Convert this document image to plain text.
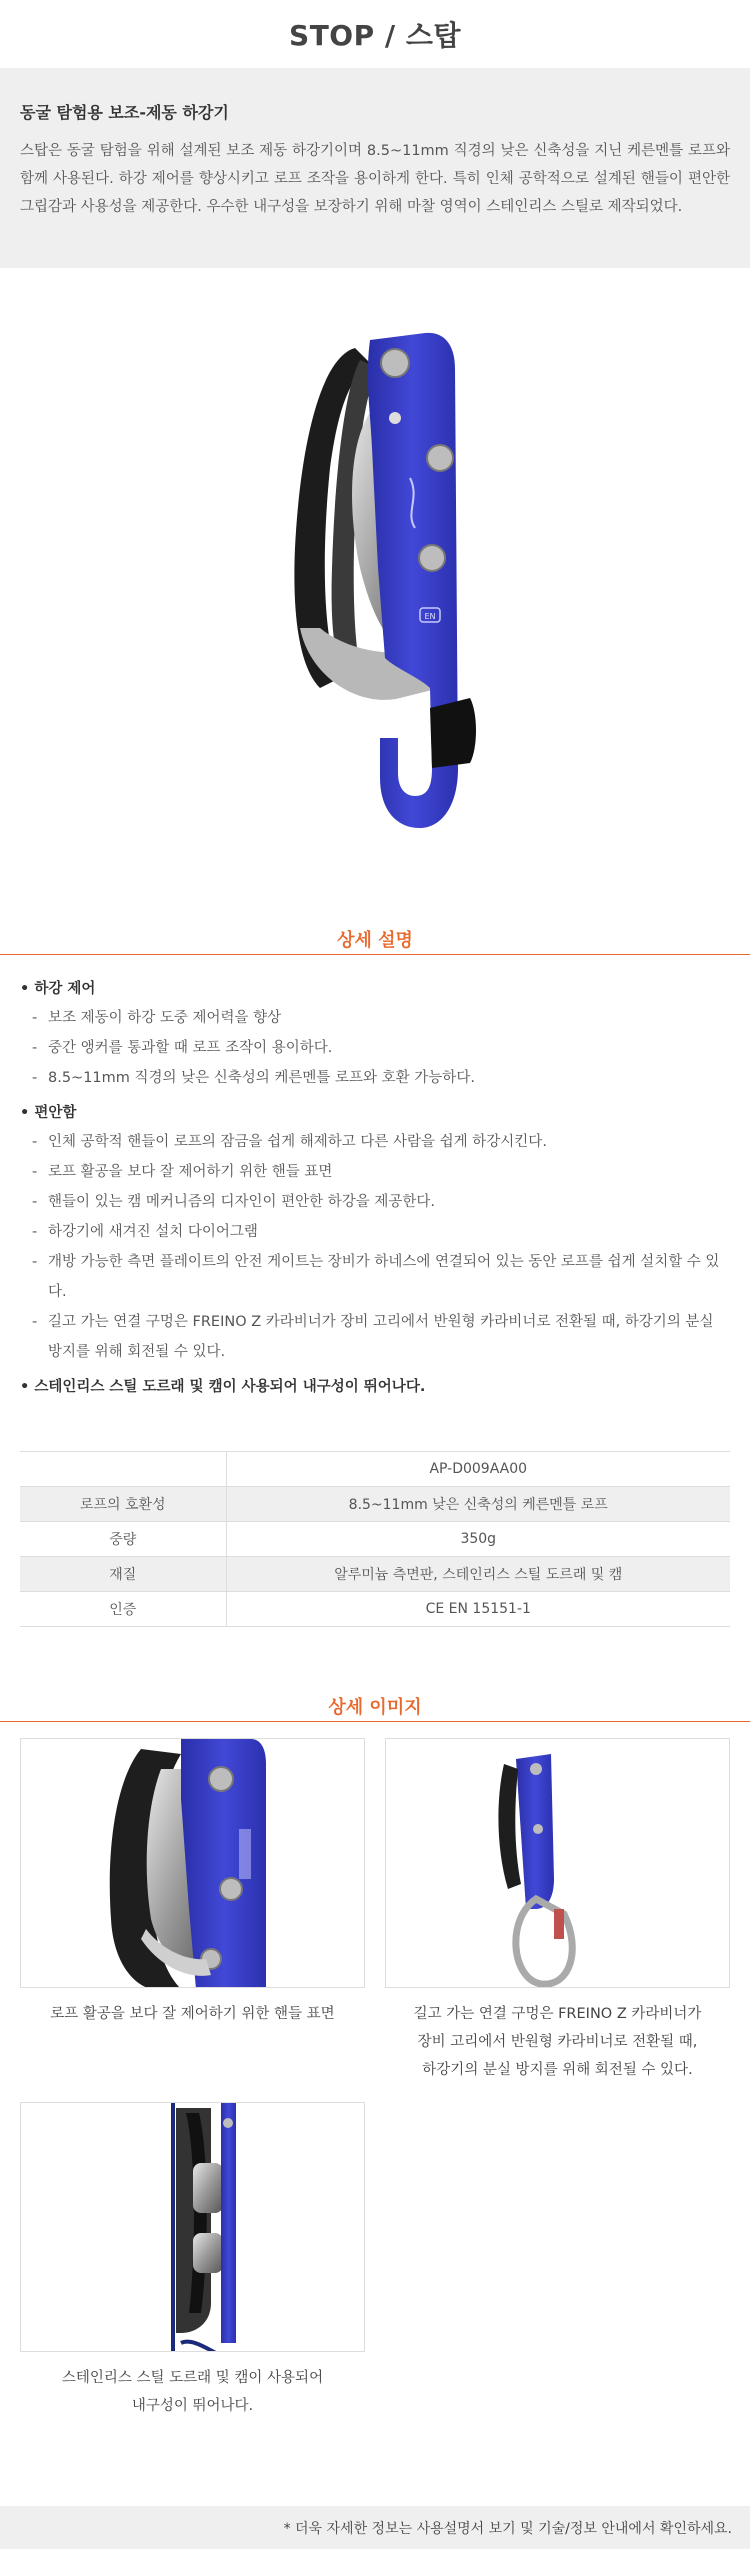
STOP / 스탑
동굴 탐험용 보조-제동 하강기

스탑은 동굴 탐험을 위해 설계된 보조 제동 하강기이며 8.5~11mm 직경의 낮은 신축성을 지닌 케른멘틀 로프와 함께 사용된다. 하강 제어를 향상시키고 로프 조작을 용이하게 한다. 특히 인체 공학적으로 설계된 핸들이 편안한 그립감과 사용성을 제공한다. 우수한 내구성을 보장하기 위해 마찰 영역이 스테인리스 스틸로 제작되었다.

EN
상세 설명
• 하강 제어
- 보조 제동이 하강 도중 제어력을 향상
- 중간 앵커를 통과할 때 로프 조작이 용이하다.
- 8.5~11mm 직경의 낮은 신축성의 케른멘틀 로프와 호환 가능하다.
• 편안함
- 인체 공학적 핸들이 로프의 잠금을 쉽게 해제하고 다른 사람을 쉽게 하강시킨다.
- 로프 활공을 보다 잘 제어하기 위한 핸들 표면
- 핸들이 있는 캠 메커니즘의 디자인이 편안한 하강을 제공한다.
- 하강기에 새겨진 설치 다이어그램
- 개방 가능한 측면 플레이트의 안전 게이트는 장비가 하네스에 연결되어 있는 동안 로프를 쉽게 설치할 수 있다.
- 길고 가는 연결 구멍은 FREINO Z 카라비너가 장비 고리에서 반원형 카라비너로 전환될 때, 하강기의 분실 방지를 위해 회전될 수 있다.
• 스테인리스 스틸 도르래 및 캠이 사용되어 내구성이 뛰어나다.
	AP-D009AA00
로프의 호환성	8.5~11mm 낮은 신축성의 케른멘틀 로프
중량	350g
재질	알루미늄 측면판, 스테인리스 스틸 도르래 및 캠
인증	CE EN 15151-1
상세 이미지
로프 활공을 보다 잘 제어하기 위한 핸들 표면	길고 가는 연결 구멍은 FREINO Z 카라비너가
장비 고리에서 반원형 카라비너로 전환될 때,
하강기의 분실 방지를 위해 회전될 수 있다.
스테인리스 스틸 도르래 및 캠이 사용되어
내구성이 뛰어나다.
* 더욱 자세한 정보는 사용설명서 보기 및 기술/정보 안내에서 확인하세요.
